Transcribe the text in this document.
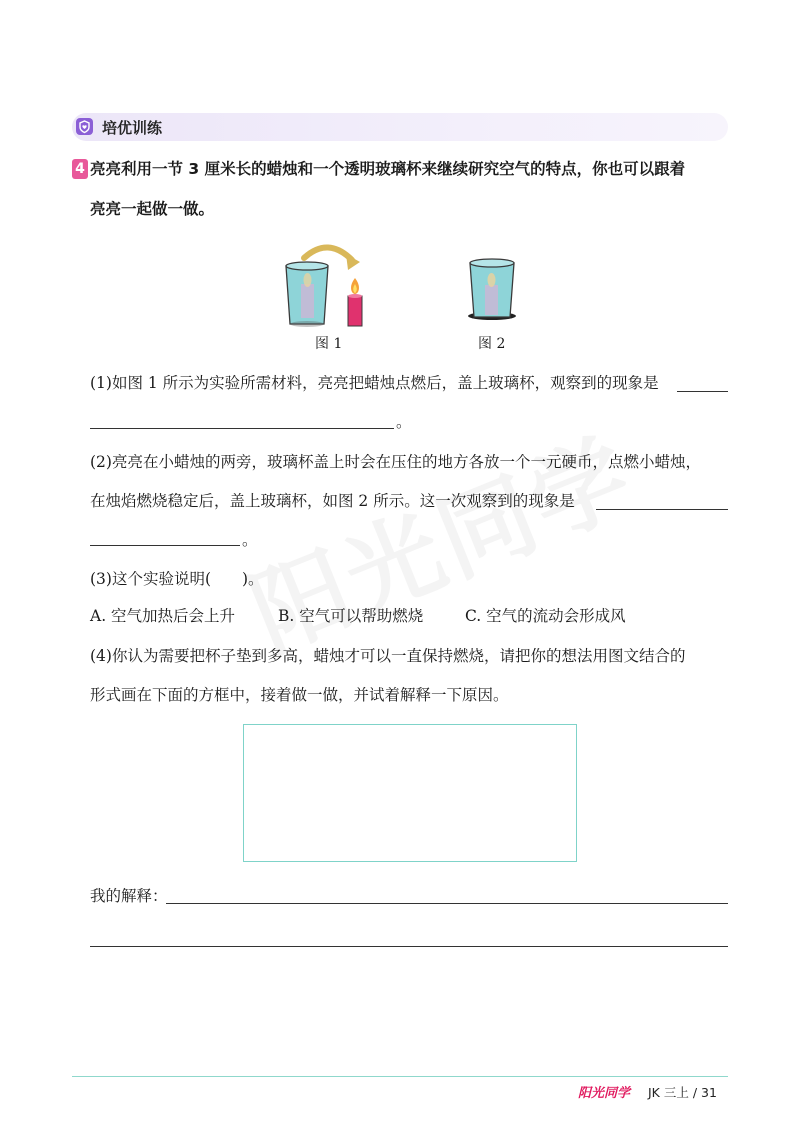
培优训练
4 亮亮利用一节 3 厘米长的蜡烛和一个透明玻璃杯来继续研究空气的特点，你也可以跟着
亮亮一起做一做。
图 1	图 2
(1)如图 1 所示为实验所需材料，亮亮把蜡烛点燃后，盖上玻璃杯，观察到的现象是
。
(2)亮亮在小蜡烛的两旁，玻璃杯盖上时会在压住的地方各放一个一元硬币，点燃小蜡烛，
在烛焰燃烧稳定后，盖上玻璃杯，如图 2 所示。这一次观察到的现象是
。
(3)这个实验说明(　　)。
A. 空气加热后会上升	B. 空气可以帮助燃烧	C. 空气的流动会形成风
(4)你认为需要把杯子垫到多高，蜡烛才可以一直保持燃烧，请把你的想法用图文结合的
形式画在下面的方框中，接着做一做，并试着解释一下原因。
我的解释：
阳光同学 JK 三上 / 31
